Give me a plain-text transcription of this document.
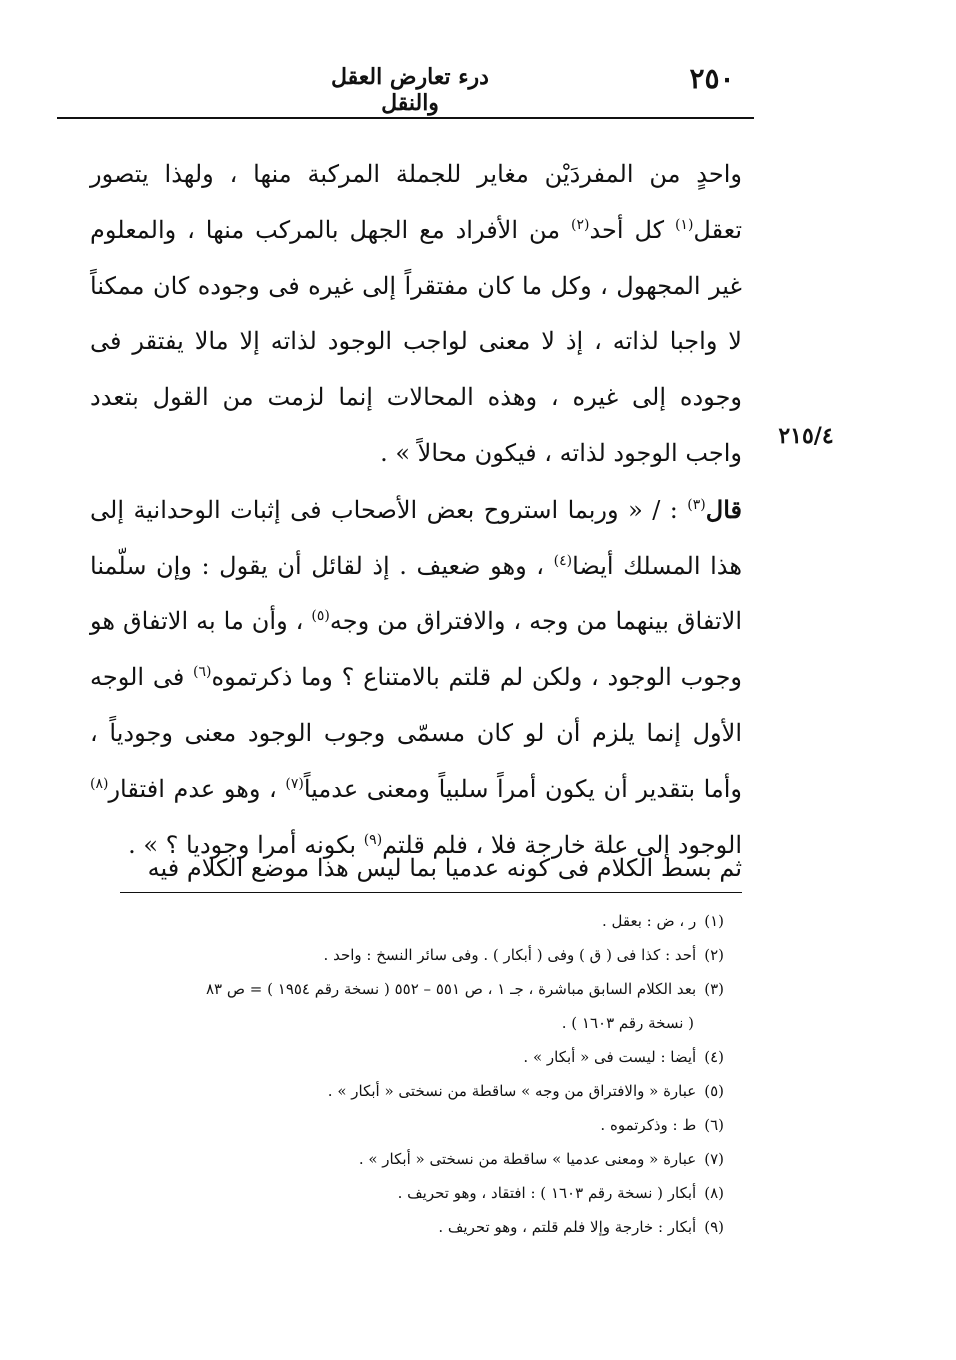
٢٥٠
درء تعارض العقل والنقل
٢١٥/٤

واحدٍ من المفردَيْن مغاير للجملة المركبة منها ، ولهذا يتصور تعقل$^{(١)}$ كل أحد$^{(٢)}$ من الأفراد مع الجهل بالمركب منها ، والمعلوم غير المجهول ، وكل ما كان مفتقراً إلى غيره فى وجوده كان ممكناً لا واجبا لذاته ، إذ لا معنى لواجب الوجود لذاته إلا مالا يفتقر فى وجوده إلى غيره ، وهذه المحالات إنما لزمت من القول بتعدد واجب الوجود لذاته ، فيكون محالاً » .

قال$^{(٣)}$ : / « وربما استروح بعض الأصحاب فى إثبات الوحدانية إلى هذا المسلك أيضا$^{(٤)}$ ، وهو ضعيف . إذ لقائل أن يقول : وإن سلّمنا الاتفاق بينهما من وجه ، والافتراق من وجه$^{(٥)}$ ، وأن ما به الاتفاق هو وجوب الوجود ، ولكن لم قلتم بالامتناع ؟ وما ذكرتموه$^{(٦)}$ فى الوجه الأول إنما يلزم أن لو كان مسمّى وجوب الوجود معنى وجودياً ، وأما بتقدير أن يكون أمراً سلبياً ومعنى عدمياً$^{(٧)}$ ، وهو عدم افتقار$^{(٨)}$ الوجود إلى علة خارجة فلا ، فلم قلتم$^{(٩)}$ بكونه أمرا وجوديا ؟ » .

ثم بسط الكلام فى كونه عدميا بما ليس هذا موضع الكلام فيه
(١)ر ، ض : بعقل .
(٢)أحد : كذا فى ( ق ) وفى ( أبكار ) . وفى سائر النسخ : واحد .
(٣)بعد الكلام السابق مباشرة ، جـ ١ ، ص ٥٥١ – ٥٥٢ ( نسخة رقم ١٩٥٤ ) = ص ٨٣
( نسخة رقم ١٦٠٣ ) .
(٤)أيضا : ليست فى « أبكار » .
(٥)عبارة « والافتراق من وجه » ساقطة من نسختى « أبكار » .
(٦)ط : وذكرتموه .
(٧)عبارة « ومعنى عدميا » ساقطة من نسختى « أبكار » .
(٨)أبكار ( نسخة رقم ١٦٠٣ ) : افتقاد ، وهو تحريف .
(٩)أبكار : خارجة وإلا فلم قلتم ، وهو تحريف .
